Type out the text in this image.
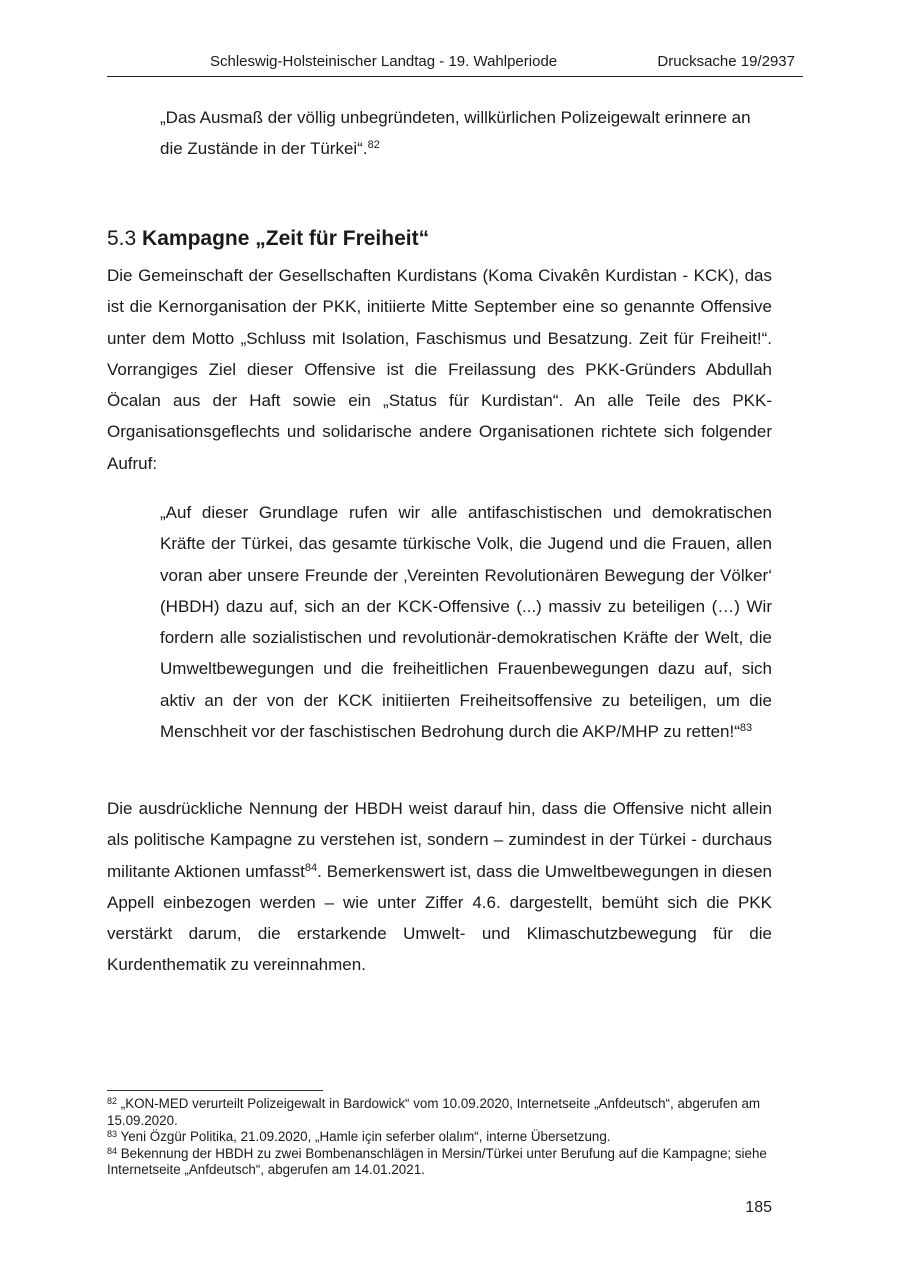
Schleswig-Holsteinischer Landtag - 19. Wahlperiode	Drucksache 19/2937

„Das Ausmaß der völlig unbegründeten, willkürlichen Polizeigewalt erinnere an die Zustände in der Türkei“.$^{82}$

5.3 Kampagne „Zeit für Freiheit“

Die Gemeinschaft der Gesellschaften Kurdistans (Koma Civakên Kurdistan - KCK), das ist die Kernorganisation der PKK, initiierte Mitte September eine so genannte Offensive unter dem Motto „Schluss mit Isolation, Faschismus und Besatzung. Zeit für Freiheit!“. Vorrangiges Ziel dieser Offensive ist die Freilassung des PKK-Gründers Abdullah Öcalan aus der Haft sowie ein „Status für Kurdistan“. An alle Teile des PKK-Organisationsgeflechts und solidarische andere Organisationen richtete sich folgender Aufruf:

„Auf dieser Grundlage rufen wir alle antifaschistischen und demokratischen Kräfte der Türkei, das gesamte türkische Volk, die Jugend und die Frauen, allen voran aber unsere Freunde der ‚Vereinten Revolutionären Bewegung der Völker‘ (HBDH) dazu auf, sich an der KCK-Offensive (...) massiv zu beteiligen (…) Wir fordern alle sozialistischen und revolutionär-demokratischen Kräfte der Welt, die Umweltbewegungen und die freiheitlichen Frauenbewegungen dazu auf, sich aktiv an der von der KCK initiierten Freiheitsoffensive zu beteiligen, um die Menschheit vor der faschistischen Bedrohung durch die AKP/MHP zu retten!“$^{83}$

Die ausdrückliche Nennung der HBDH weist darauf hin, dass die Offensive nicht allein als politische Kampagne zu verstehen ist, sondern – zumindest in der Türkei - durchaus militante Aktionen umfasst$^{84}$. Bemerkenswert ist, dass die Umweltbewegungen in diesen Appell einbezogen werden – wie unter Ziffer 4.6. dargestellt, bemüht sich die PKK verstärkt darum, die erstarkende Umwelt- und Klimaschutzbewegung für die Kurdenthematik zu vereinnahmen.

$^{82}$ „KON-MED verurteilt Polizeigewalt in Bardowick“ vom 10.09.2020, Internetseite „Anfdeutsch“, abgerufen am 15.09.2020.

$^{83}$ Yeni Özgür Politika, 21.09.2020, „Hamle için seferber olalım“, interne Übersetzung.

$^{84}$ Bekennung der HBDH zu zwei Bombenanschlägen in Mersin/Türkei unter Berufung auf die Kampagne; siehe Internetseite „Anfdeutsch“, abgerufen am 14.01.2021.

185
